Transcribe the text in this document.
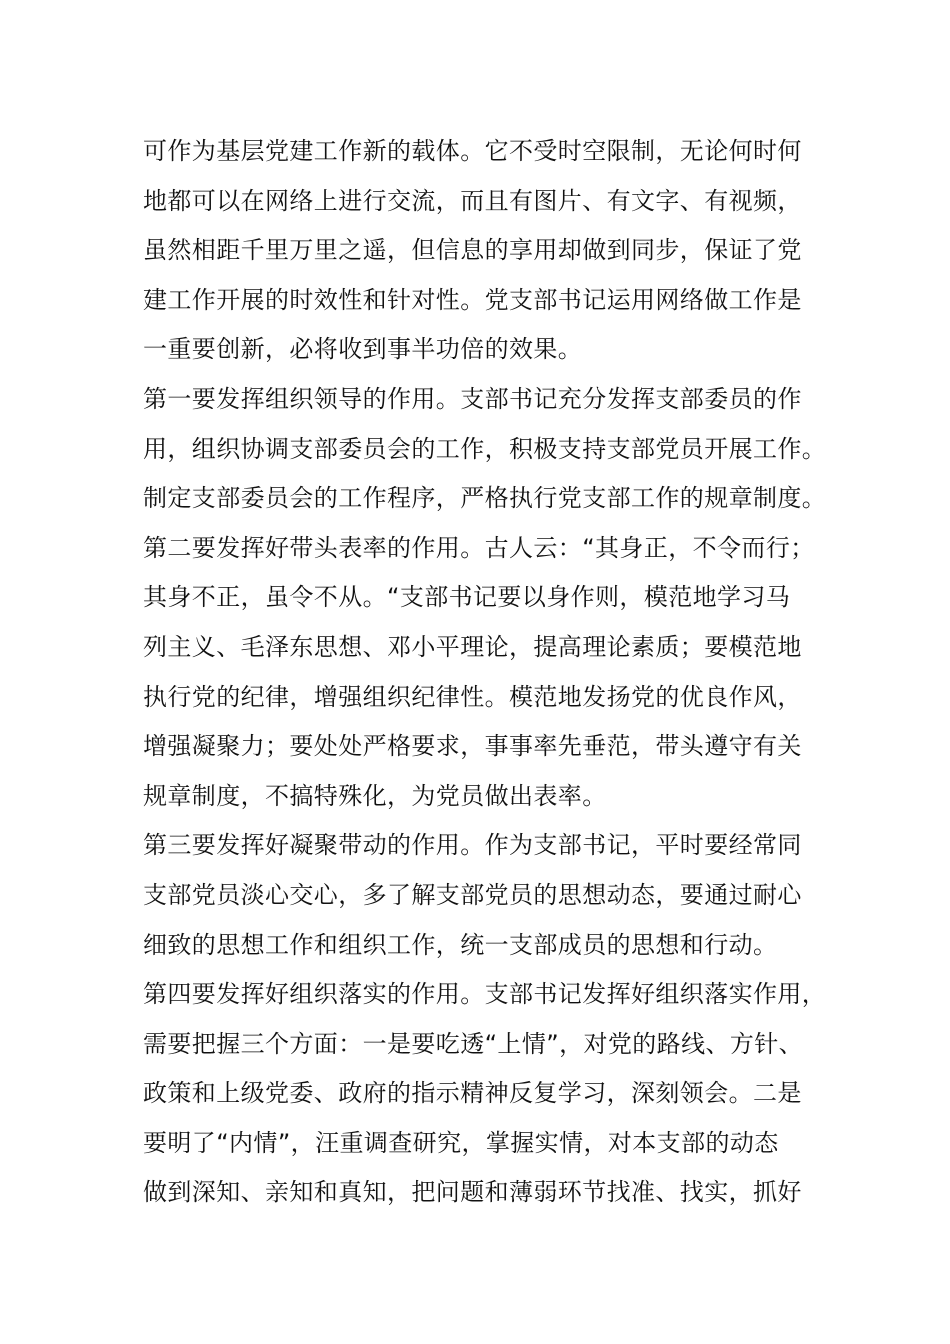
可作为基层党建工作新的载体。它不受时空限制，无论何时何
地都可以在网络上进行交流，而且有图片、有文字、有视频，
虽然相距千里万里之遥，但信息的享用却做到同步，保证了党
建工作开展的时效性和针对性。党支部书记运用网络做工作是
一重要创新，必将收到事半功倍的效果。
第一要发挥组织领导的作用。支部书记充分发挥支部委员的作
用，组织协调支部委员会的工作，积极支持支部党员开展工作。
制定支部委员会的工作程序，严格执行党支部工作的规章制度。
第二要发挥好带头表率的作用。古人云：“其身正，不令而行；
其身不正，虽令不从。“支部书记要以身作则，模范地学习马
列主义、毛泽东思想、邓小平理论，提高理论素质；要模范地
执行党的纪律，增强组织纪律性。模范地发扬党的优良作风，
增强凝聚力；要处处严格要求，事事率先垂范，带头遵守有关
规章制度，不搞特殊化，为党员做出表率。
第三要发挥好凝聚带动的作用。作为支部书记，平时要经常同
支部党员淡心交心，多了解支部党员的思想动态，要通过耐心
细致的思想工作和组织工作，统一支部成员的思想和行动。
第四要发挥好组织落实的作用。支部书记发挥好组织落实作用，
需要把握三个方面：一是要吃透“上情”，对党的路线、方针、
政策和上级党委、政府的指示精神反复学习，深刻领会。二是
要明了“内情”，汪重调查研究，掌握实情，对本支部的动态
做到深知、亲知和真知，把问题和薄弱环节找准、找实，抓好
